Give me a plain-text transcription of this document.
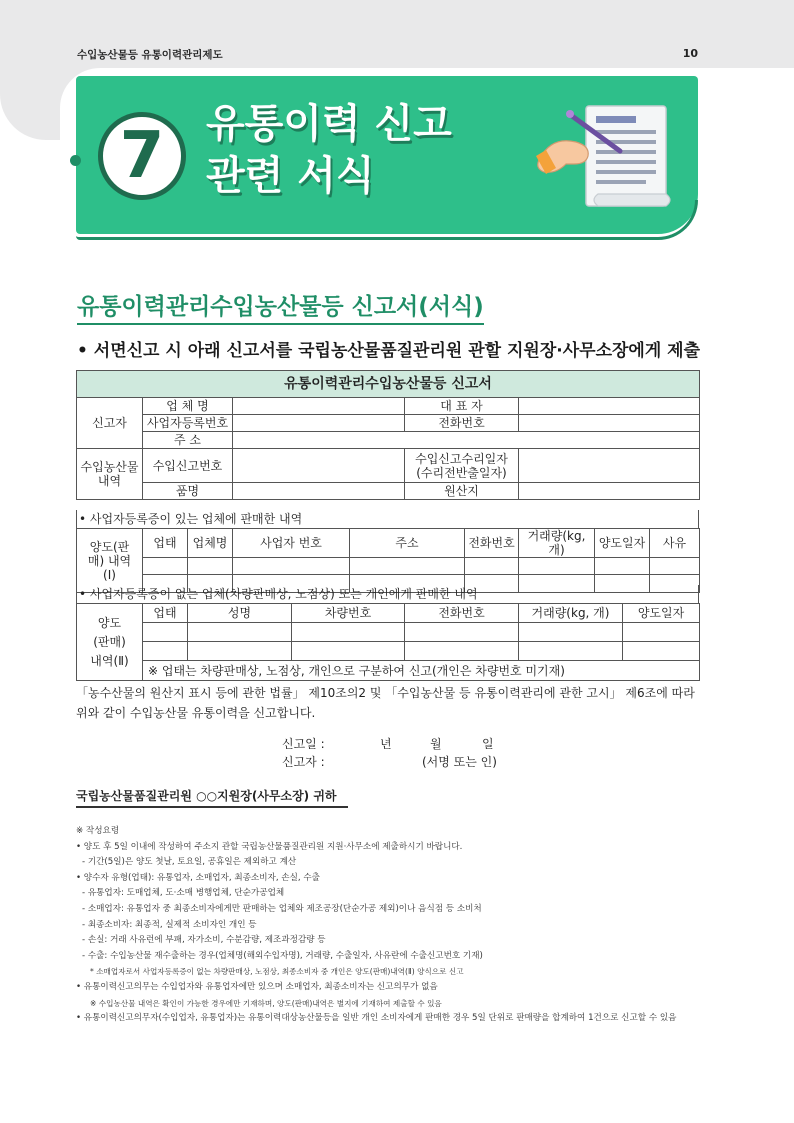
수입농산물등 유통이력관리제도	10
7	유통이력 신고
관련 서식
유통이력관리수입농산물등 신고서(서식)
• 서면신고 시 아래 신고서를 국립농산물품질관리원 관할 지원장·사무소장에게 제출
유통이력관리수입농산물등 신고서				
신고자	업 체 명		대 표 자	
	사업자등록번호		전화번호	
	주 소			
수입농산물 내역	수입신고번호		수입신고수리일자
(수리전반출일자)	

	품명		원산지	
• 사업자등록증이 있는 업체에 판매한 내역
양도(판매) 내역(Ⅰ)	업태	업체명	사업자 번호	주소	전화번호	거래량(kg, 개)	양도일자	사유

• 사업자등록증이 없는 업체(차량판매상, 노점상) 또는 개인에게 판매한 내역
양도
(판매)
내역(Ⅱ)	업태	성명	차량번호	전화번호	거래량(kg, 개)	양도일자

	※ 업태는 차량판매상, 노점상, 개인으로 구분하여 신고(개인은 차량번호 미기재)					
「농수산물의 원산지 표시 등에 관한 법률」 제10조의2 및 「수입농산물 등 유통이력관리에 관한 고시」 제6조에 따라 위와 같이 수입농산물 유통이력을 신고합니다.
신고일 :	년	월	일
신고자 :	(서명 또는 인)
국립농산물품질관리원 ○○지원장(사무소장) 귀하
※ 작성요령
• 양도 후 5일 이내에 작성하여 주소지 관할 국립농산물품질관리원 지원·사무소에 제출하시기 바랍니다.
- 기간(5일)은 양도 첫날, 토요일, 공휴일은 제외하고 계산
• 양수자 유형(업태): 유통업자, 소매업자, 최종소비자, 손실, 수출
- 유통업자: 도매업체, 도·소매 병행업체, 단순가공업체
- 소매업자: 유통업자 중 최종소비자에게만 판매하는 업체와 제조공장(단순가공 제외)이나 음식점 등 소비처
- 최종소비자: 최종적, 실제적 소비자인 개인 등
- 손실: 거래 사유런에 부패, 자가소비, 수분감량, 제조과정감량 등
- 수출: 수입농산물 재수출하는 경우(업체명(해외수입자명), 거래량, 수출일자, 사유란에 수출신고번호 기재)
* 소매업자로서 사업자등록증이 없는 차량판매상, 노점상, 최종소비자 중 개인은 양도(판매)내역(Ⅱ) 양식으로 신고
• 유통이력신고의무는 수입업자와 유통업자에만 있으며 소매업자, 최종소비자는 신고의무가 없음
※ 수입농산물 내역은 확인이 가능한 경우에만 기재하며, 양도(판매)내역은 별지에 기재하여 제출할 수 있음
• 유통이력신고의무자(수입업자, 유통업자)는 유통이력대상농산물등을 일반 개인 소비자에게 판매한 경우 5일 단위로 판매량을 합계하여 1건으로 신고할 수 있음
